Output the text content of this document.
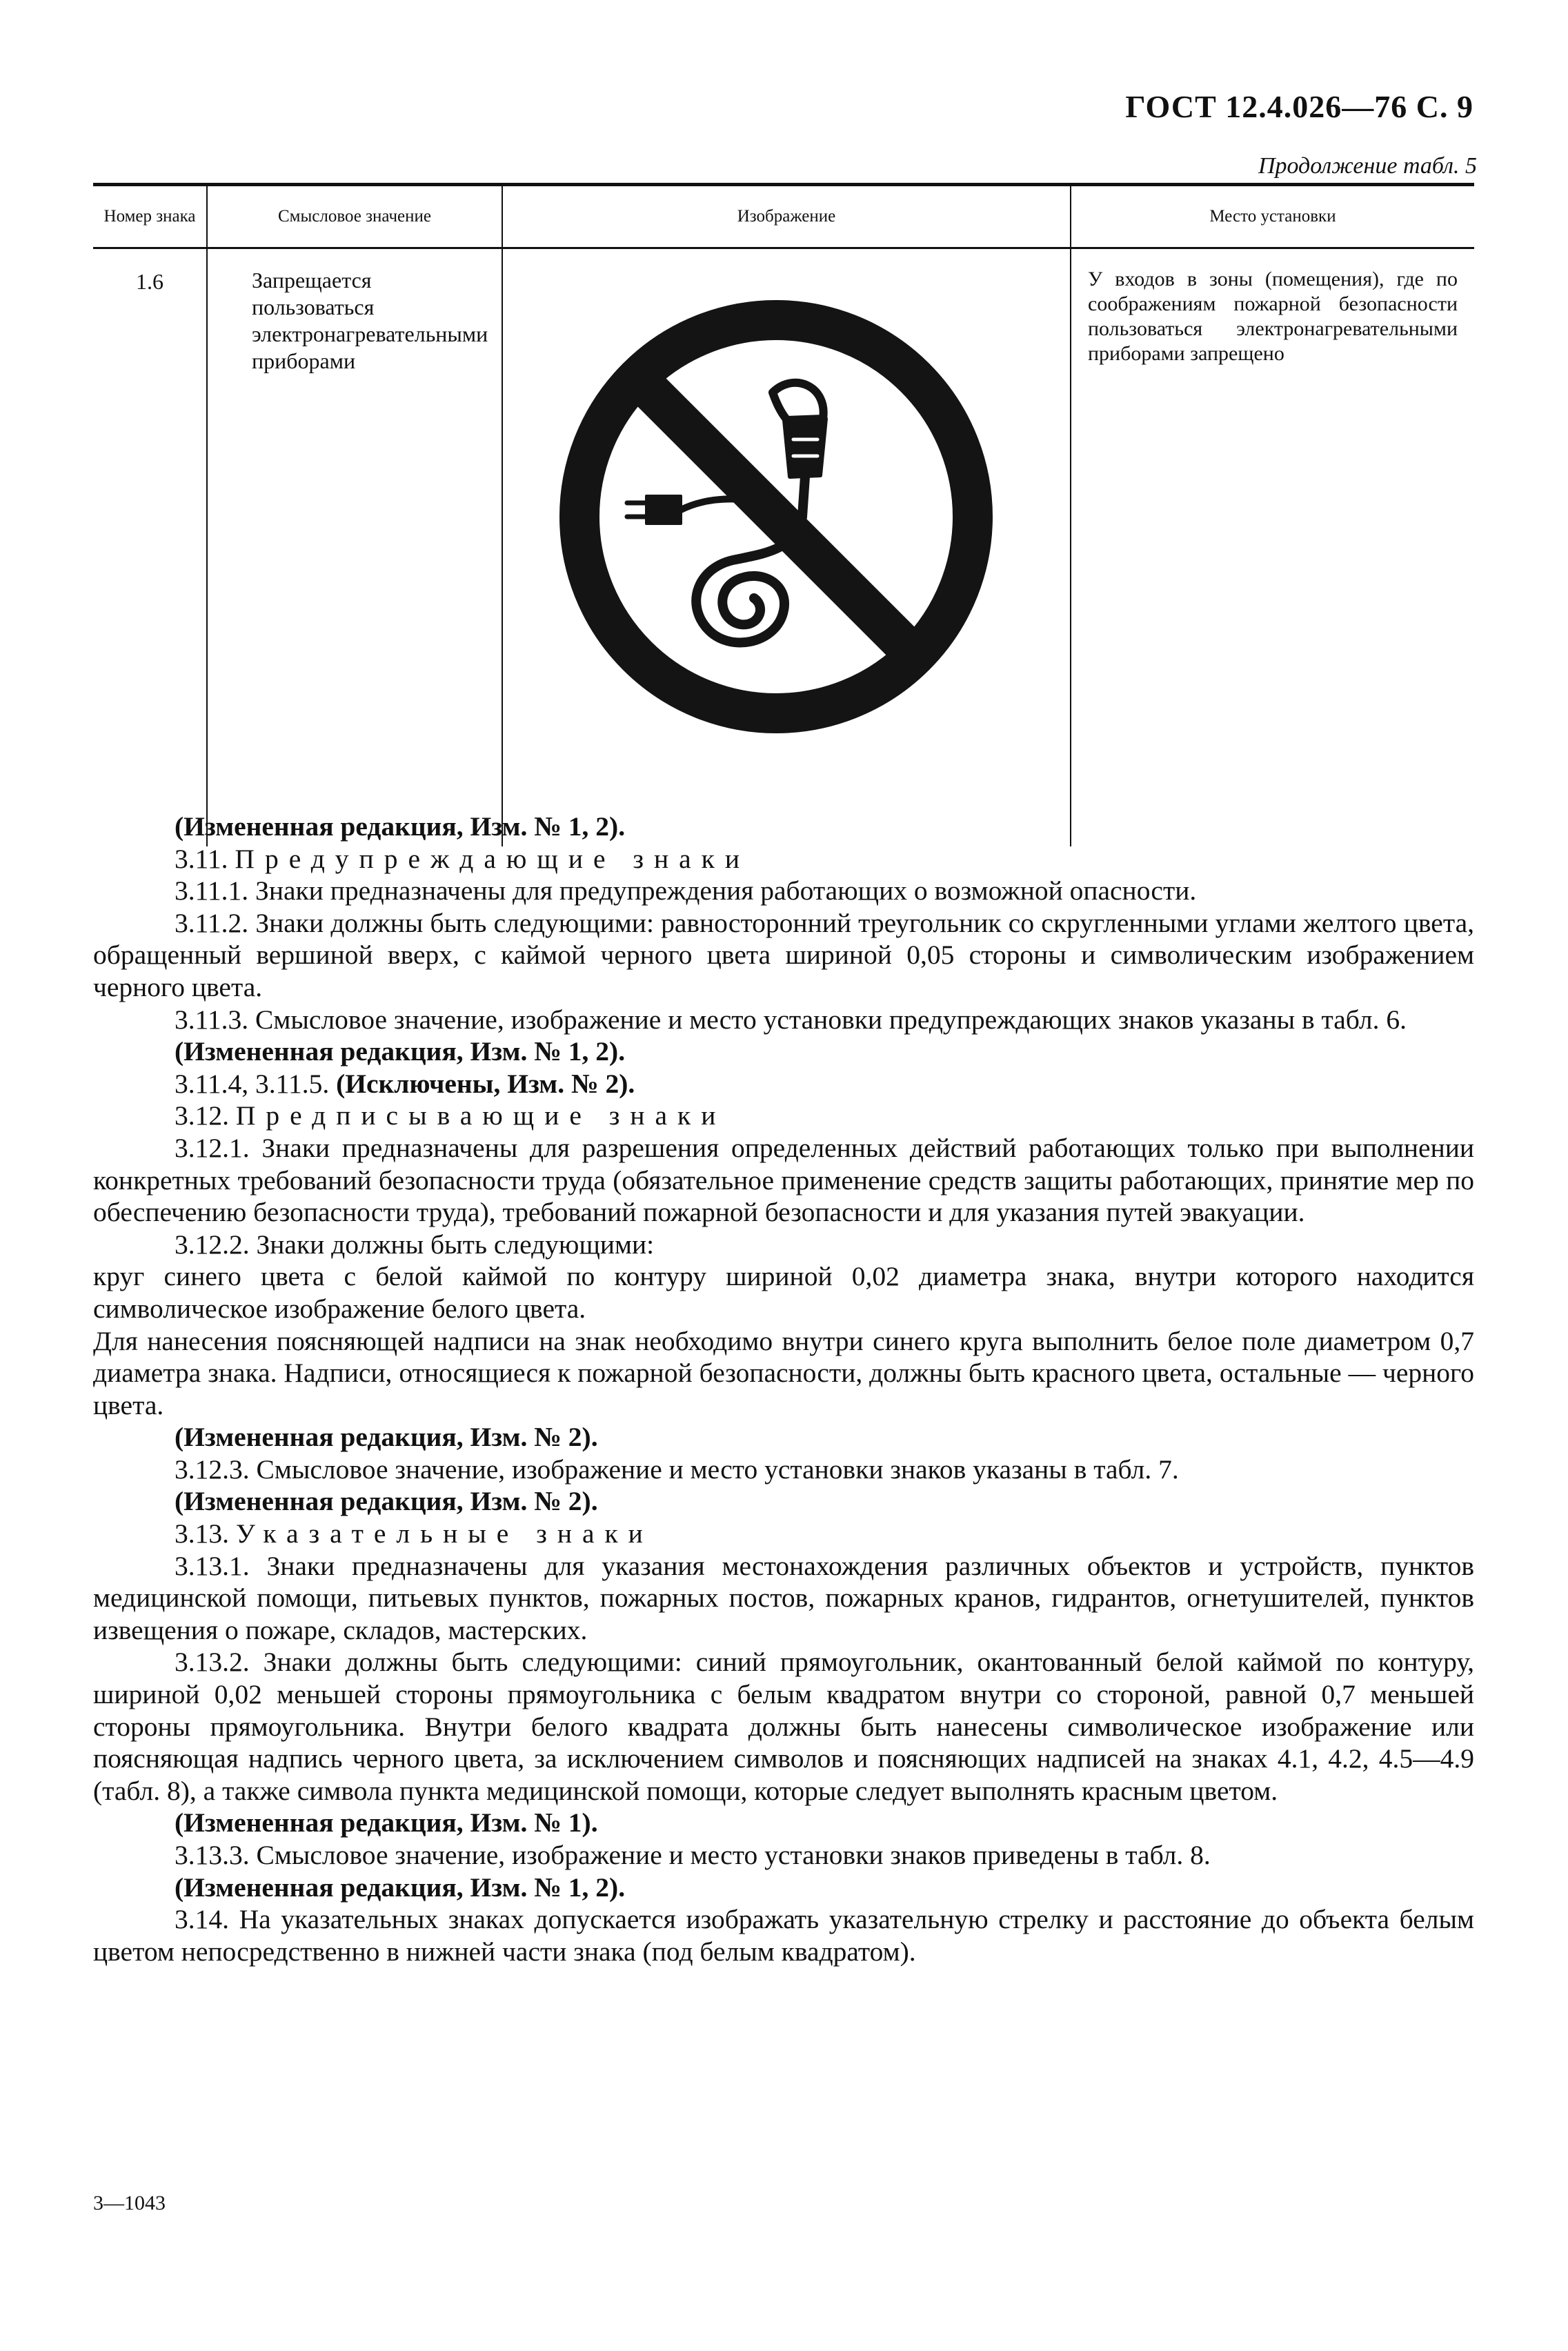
ГОСТ 12.4.026—76 С. 9
Продолжение табл. 5
Номер знака	Смысловое значение	Изображение	Место установки
1.6	Запрещается пользоваться электронагревательными приборами		У входов в зоны (помещения), где по соображениям пожарной безопасности пользоваться электронагревательными приборами запрещено

(Измененная редакция, Изм. № 1, 2).

3.11. Предупреждающие знаки

3.11.1. Знаки предназначены для предупреждения работающих о возможной опасности.

3.11.2. Знаки должны быть следующими: равносторонний треугольник со скругленными углами желтого цвета, обращенный вершиной вверх, с каймой черного цвета шириной 0,05 стороны и символическим изображением черного цвета.

3.11.3. Смысловое значение, изображение и место установки предупреждающих знаков указаны в табл. 6.

(Измененная редакция, Изм. № 1, 2).

3.11.4, 3.11.5. (Исключены, Изм. № 2).

3.12. Предписывающие знаки

3.12.1. Знаки предназначены для разрешения определенных действий работающих только при выполнении конкретных требований безопасности труда (обязательное применение средств защиты работающих, принятие мер по обеспечению безопасности труда), требований пожарной безопасности и для указания путей эвакуации.

3.12.2. Знаки должны быть следующими:

круг синего цвета с белой каймой по контуру шириной 0,02 диаметра знака, внутри которого находится символическое изображение белого цвета.

Для нанесения поясняющей надписи на знак необходимо внутри синего круга выполнить белое поле диаметром 0,7 диаметра знака. Надписи, относящиеся к пожарной безопасности, должны быть красного цвета, остальные — черного цвета.

(Измененная редакция, Изм. № 2).

3.12.3. Смысловое значение, изображение и место установки знаков указаны в табл. 7.

(Измененная редакция, Изм. № 2).

3.13. Указательные знаки

3.13.1. Знаки предназначены для указания местонахождения различных объектов и устройств, пунктов медицинской помощи, питьевых пунктов, пожарных постов, пожарных кранов, гидрантов, огнетушителей, пунктов извещения о пожаре, складов, мастерских.

3.13.2. Знаки должны быть следующими: синий прямоугольник, окантованный белой каймой по контуру, шириной 0,02 меньшей стороны прямоугольника с белым квадратом внутри со стороной, равной 0,7 меньшей стороны прямоугольника. Внутри белого квадрата должны быть нанесены символическое изображение или поясняющая надпись черного цвета, за исключением символов и поясняющих надписей на знаках 4.1, 4.2, 4.5—4.9 (табл. 8), а также символа пункта медицинской помощи, которые следует выполнять красным цветом.

(Измененная редакция, Изм. № 1).

3.13.3. Смысловое значение, изображение и место установки знаков приведены в табл. 8.

(Измененная редакция, Изм. № 1, 2).

3.14. На указательных знаках допускается изображать указательную стрелку и расстояние до объекта белым цветом непосредственно в нижней части знака (под белым квадратом).

3—1043
